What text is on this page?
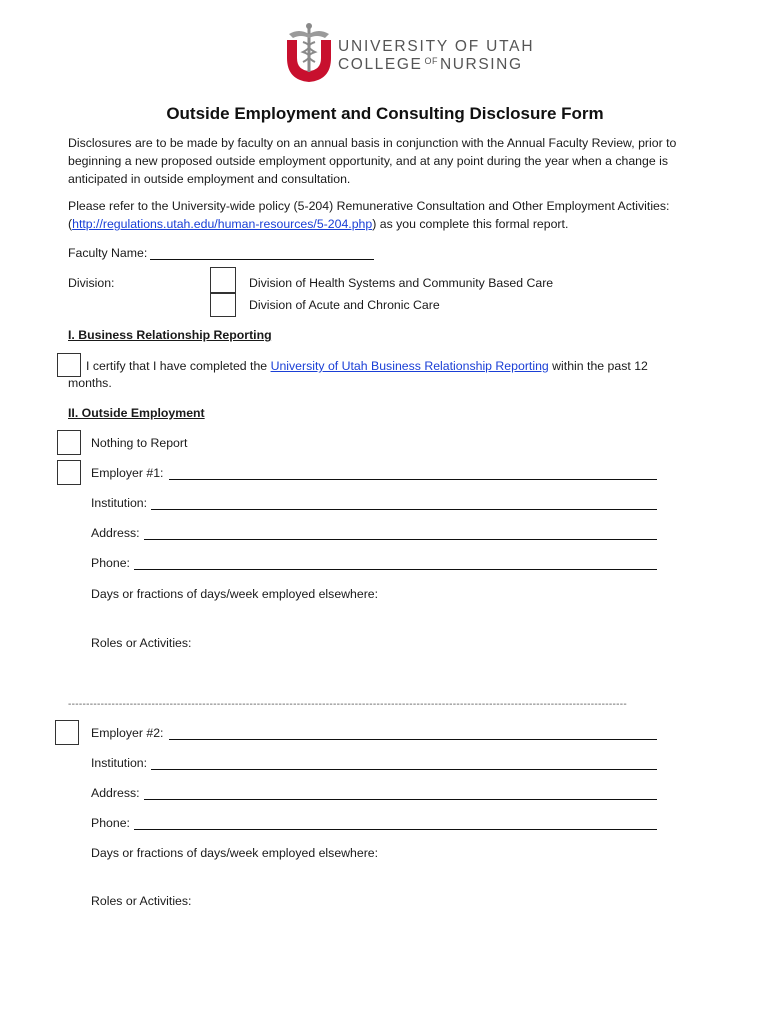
UNIVERSITY OF UTAH
COLLEGE $^{OF}$ NURSING
Outside Employment and Consulting Disclosure Form
Disclosures are to be made by faculty on an annual basis in conjunction with the Annual Faculty Review, prior to beginning a new proposed outside employment opportunity, and at any point during the year when a change is anticipated in outside employment and consultation.
Please refer to the University-wide policy (5-204) Remunerative Consultation and Other Employment Activities: (http://regulations.utah.edu/human-resources/5-204.php) as you complete this formal report.
Faculty Name:
Division:	Division of Health Systems and Community Based Care
Division of Acute and Chronic Care
I. Business Relationship Reporting
I certify that I have completed the University of Utah Business Relationship Reporting within the past 12
months.
II. Outside Employment
Nothing to Report
Employer #1:
Institution:
Address:
Phone:
Days or fractions of days/week employed elsewhere:
Roles or Activities:
----------------------------------------------------------------------------------------------------------------------------------------------------------
Employer #2:
Institution:
Address:
Phone:
Days or fractions of days/week employed elsewhere:
Roles or Activities:
